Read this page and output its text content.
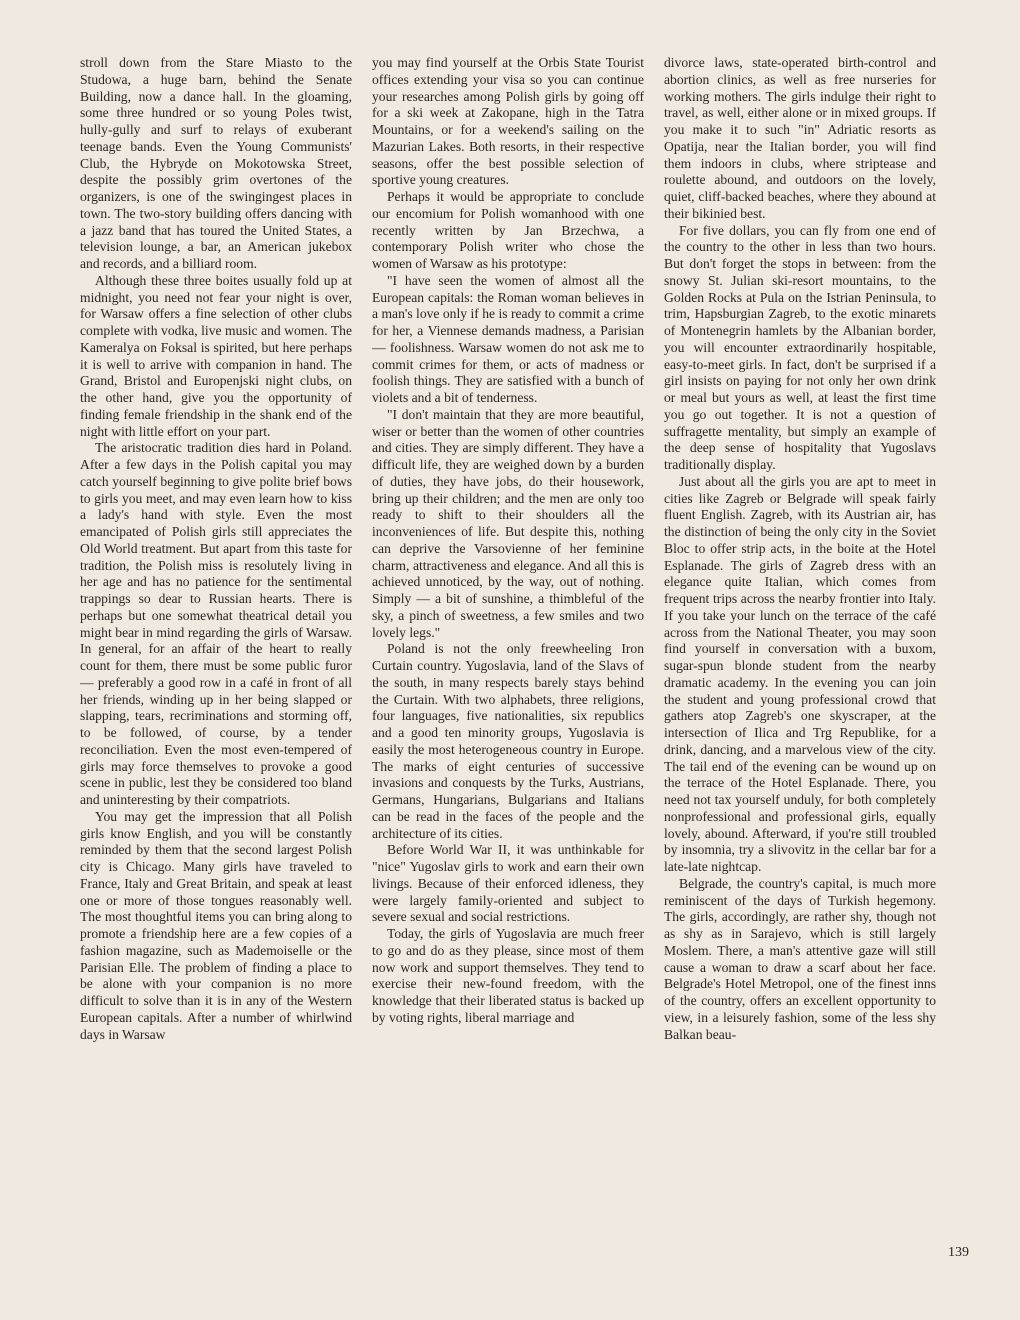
stroll down from the Stare Miasto to the Studowa, a huge barn, behind the Senate Building, now a dance hall. In the gloaming, some three hundred or so young Poles twist, hully-gully and surf to relays of exuberant teenage bands. Even the Young Communists' Club, the Hybryde on Mokotowska Street, despite the possibly grim overtones of the organizers, is one of the swingingest places in town. The two-story building offers dancing with a jazz band that has toured the United States, a television lounge, a bar, an American jukebox and records, and a billiard room.

Although these three boites usually fold up at midnight, you need not fear your night is over, for Warsaw offers a fine selection of other clubs complete with vodka, live music and women. The Kameralya on Foksal is spirited, but here perhaps it is well to arrive with companion in hand. The Grand, Bristol and Europenjski night clubs, on the other hand, give you the opportunity of finding female friendship in the shank end of the night with little effort on your part.

The aristocratic tradition dies hard in Poland. After a few days in the Polish capital you may catch yourself beginning to give polite brief bows to girls you meet, and may even learn how to kiss a lady's hand with style. Even the most emancipated of Polish girls still appreciates the Old World treatment. But apart from this taste for tradition, the Polish miss is resolutely living in her age and has no patience for the sentimental trappings so dear to Russian hearts. There is perhaps but one somewhat theatrical detail you might bear in mind regarding the girls of Warsaw. In general, for an affair of the heart to really count for them, there must be some public furor — preferably a good row in a café in front of all her friends, winding up in her being slapped or slapping, tears, recriminations and storming off, to be followed, of course, by a tender reconciliation. Even the most even-tempered of girls may force themselves to provoke a good scene in public, lest they be considered too bland and uninteresting by their compatriots.

You may get the impression that all Polish girls know English, and you will be constantly reminded by them that the second largest Polish city is Chicago. Many girls have traveled to France, Italy and Great Britain, and speak at least one or more of those tongues reasonably well. The most thoughtful items you can bring along to promote a friendship here are a few copies of a fashion magazine, such as Mademoiselle or the Parisian Elle. The problem of finding a place to be alone with your companion is no more difficult to solve than it is in any of the Western European capitals. After a number of whirlwind days in Warsaw

you may find yourself at the Orbis State Tourist offices extending your visa so you can continue your researches among Polish girls by going off for a ski week at Zakopane, high in the Tatra Mountains, or for a weekend's sailing on the Mazurian Lakes. Both resorts, in their respective seasons, offer the best possible selection of sportive young creatures.

Perhaps it would be appropriate to conclude our encomium for Polish womanhood with one recently written by Jan Brzechwa, a contemporary Polish writer who chose the women of Warsaw as his prototype:

"I have seen the women of almost all the European capitals: the Roman woman believes in a man's love only if he is ready to commit a crime for her, a Viennese demands madness, a Parisian — foolishness. Warsaw women do not ask me to commit crimes for them, or acts of madness or foolish things. They are satisfied with a bunch of violets and a bit of tenderness.

"I don't maintain that they are more beautiful, wiser or better than the women of other countries and cities. They are simply different. They have a difficult life, they are weighed down by a burden of duties, they have jobs, do their housework, bring up their children; and the men are only too ready to shift to their shoulders all the inconveniences of life. But despite this, nothing can deprive the Varsovienne of her feminine charm, attractiveness and elegance. And all this is achieved unnoticed, by the way, out of nothing. Simply — a bit of sunshine, a thimbleful of the sky, a pinch of sweetness, a few smiles and two lovely legs."

Poland is not the only freewheeling Iron Curtain country. Yugoslavia, land of the Slavs of the south, in many respects barely stays behind the Curtain. With two alphabets, three religions, four languages, five nationalities, six republics and a good ten minority groups, Yugoslavia is easily the most heterogeneous country in Europe. The marks of eight centuries of successive invasions and conquests by the Turks, Austrians, Germans, Hungarians, Bulgarians and Italians can be read in the faces of the people and the architecture of its cities.

Before World War II, it was unthinkable for "nice" Yugoslav girls to work and earn their own livings. Because of their enforced idleness, they were largely family-oriented and subject to severe sexual and social restrictions.

Today, the girls of Yugoslavia are much freer to go and do as they please, since most of them now work and support themselves. They tend to exercise their new-found freedom, with the knowledge that their liberated status is backed up by voting rights, liberal marriage and

divorce laws, state-operated birth-control and abortion clinics, as well as free nurseries for working mothers. The girls indulge their right to travel, as well, either alone or in mixed groups. If you make it to such "in" Adriatic resorts as Opatija, near the Italian border, you will find them indoors in clubs, where striptease and roulette abound, and outdoors on the lovely, quiet, cliff-backed beaches, where they abound at their bikinied best.

For five dollars, you can fly from one end of the country to the other in less than two hours. But don't forget the stops in between: from the snowy St. Julian ski-resort mountains, to the Golden Rocks at Pula on the Istrian Peninsula, to trim, Hapsburgian Zagreb, to the exotic minarets of Montenegrin hamlets by the Albanian border, you will encounter extraordinarily hospitable, easy-to-meet girls. In fact, don't be surprised if a girl insists on paying for not only her own drink or meal but yours as well, at least the first time you go out together. It is not a question of suffragette mentality, but simply an example of the deep sense of hospitality that Yugoslavs traditionally display.

Just about all the girls you are apt to meet in cities like Zagreb or Belgrade will speak fairly fluent English. Zagreb, with its Austrian air, has the distinction of being the only city in the Soviet Bloc to offer strip acts, in the boite at the Hotel Esplanade. The girls of Zagreb dress with an elegance quite Italian, which comes from frequent trips across the nearby frontier into Italy. If you take your lunch on the terrace of the café across from the National Theater, you may soon find yourself in conversation with a buxom, sugar-spun blonde student from the nearby dramatic academy. In the evening you can join the student and young professional crowd that gathers atop Zagreb's one skyscraper, at the intersection of Ilica and Trg Republike, for a drink, dancing, and a marvelous view of the city. The tail end of the evening can be wound up on the terrace of the Hotel Esplanade. There, you need not tax yourself unduly, for both completely nonprofessional and professional girls, equally lovely, abound. Afterward, if you're still troubled by insomnia, try a slivovitz in the cellar bar for a late-late nightcap.

Belgrade, the country's capital, is much more reminiscent of the days of Turkish hegemony. The girls, accordingly, are rather shy, though not as shy as in Sarajevo, which is still largely Moslem. There, a man's attentive gaze will still cause a woman to draw a scarf about her face. Belgrade's Hotel Metropol, one of the finest inns of the country, offers an excellent opportunity to view, in a leisurely fashion, some of the less shy Balkan beau-

139
